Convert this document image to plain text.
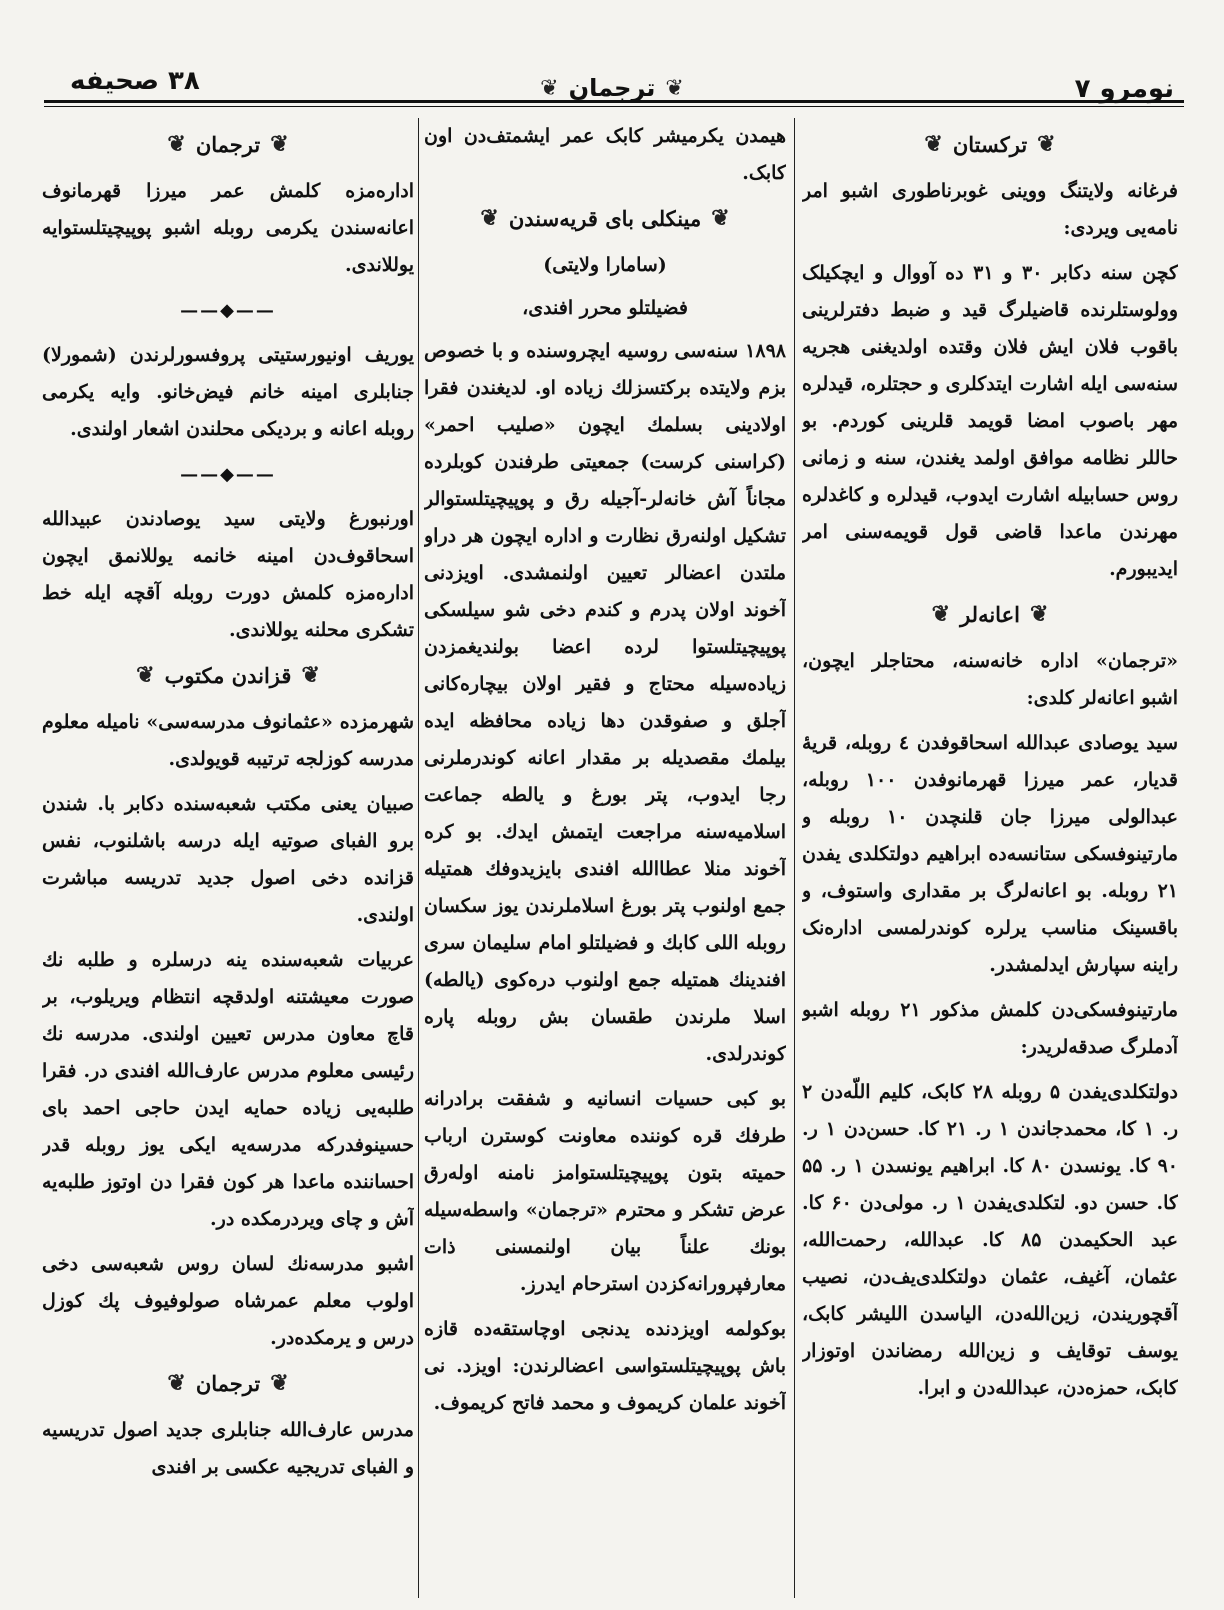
نومرو ۷
❦
ترجمان
❦
۳۸ صحیفه
❦
ترکستان
❦

فرغانه ولایتنگ ووینی غوبرناطوری اشبو امر نامه‌یی ویردی:

کچن سنه دکابر ۳۰ و ۳۱ ده آووال و ایچکیلک وولوستلرنده قاضیلرگ قید و ضبط دفترلرینی باقوب فلان ایش فلان وقتده اولدیغنی هجریه سنه‌سی ایله اشارت ایتدکلری و حجتلره، قیدلره مهر باصوب امضا قویمد قلرینی کوردم. بو حاللر نظامه موافق اولمد یغندن، سنه و زمانی روس حسابیله اشارت ایدوب، قیدلره و کاغدلره مهرندن ماعدا قاضی قول قویمه‌سنی امر ایدیبورم.

❦
اعانه‌لر
❦

«ترجمان» اداره خانه‌سنه، محتاجلر ایچون، اشبو اعانه‌لر کلدی:

سید یوصادی عبدالله اسحاقوفدن ٤ روبله، قریهٔ قدیار، عمر میرزا قهرمانوفدن ۱۰۰ روبله، عبدالولی میرزا جان قلنچدن ۱۰ روبله و مارتینوفسکی ستانسه‌ده ابراهیم دولتکلدی یفدن ۲۱ روبله. بو اعانه‌لرگ بر مقداری واستوف، و باقسینک مناسب یرلره کوندرلمسی اداره‌نک راینه سپارش ایدلمشدر.

مارتینوفسکی‌دن کلمش مذکور ۲۱ روبله اشبو آدملرگ صدقه‌لریدر:

دولتکلدی‌یفدن ۵ روبله ۲۸ کابک، کلیم اللّه‌دن ۲ ر. ۱ کا، محمدجاندن ۱ ر. ۲۱ کا. حسن‌دن ۱ ر. ۹۰ کا. یونسدن ۸۰ کا. ابراهیم یونسدن ۱ ر. ۵۵ کا. حسن دو. لتکلدی‌یفدن ۱ ر. مولی‌دن ۶۰ کا. عبد الحکیمدن ۸۵ کا. عبدالله، رحمت‌الله، عثمان، آغیف، عثمان دولتکلدی‌یف‌دن، نصیب آقچوریندن، زین‌الله‌دن، الیاسدن اللیشر کابک، یوسف توقایف و زین‌الله رمضاندن اوتوزار کابک، حمزه‌دن، عبدالله‌دن و ابرا.

هیمدن یکرمیشر کابک عمر ایشمتف‌دن اون کابک.

❦
مینکلی بای قریه‌سندن
❦
(سامارا ولایتی)
فضیلتلو محرر افندی،

۱۸۹۸ سنه‌سی روسیه ایچروسنده و با خصوص بزم ولایتده برکتسزلك زیاده او. لدیغندن فقرا اولادینی بسلمك ایچون «صلیب احمر» (کراسنی کرست) جمعیتی طرفندن کوبلرده مجاناً آش خانه‌لر-آجیله رق و پوپیچیتلستوالر تشکیل اولنه‌رق نظارت و اداره ایچون هر دراو ملتدن اعضالر تعیین اولنمشدی. اویزدنی آخوند اولان پدرم و کندم دخی شو سیلسکی پوپیچیتلستوا لرده اعضا بولندیغمزدن زیاده‌سیله محتاج و فقیر اولان بیچاره‌کانی آجلق و صفوقدن دها زیاده محافظه ایده بیلمك مقصدیله بر مقدار اعانه کوندرملرنی رجا ایدوب، پتر بورغ و یالطه جماعت اسلامیه‌سنه مراجعت ایتمش ایدك. بو کره آخوند منلا عطاالله افندی بایزیدوفك همتیله جمع اولنوب پتر بورغ اسلاملرندن یوز سکسان روبله اللی کابك و فضیلتلو امام سلیمان سری افندینك همتیله جمع اولنوب دره‌کوی (یالطه) اسلا ملرندن طقسان بش روبله پاره کوندرلدی.

بو کبی حسیات انسانیه و شفقت برادرانه طرفك قره کوننده معاونت کوسترن ارباب حمیته بتون پوپیچیتلستوامز نامنه اوله‌رق عرض تشکر و محترم «ترجمان» واسطه‌سیله بونك علناً بیان اولنمسنی ذات معارفپرورانه‌کزدن استرحام ایدرز.

بوکولمه اویزدنده یدنجی اوچاستقه‌ده قازه باش پوپیچیتلستواسی اعضالرندن: اویزد. نی آخوند علمان کریموف و محمد فاتح کریموف.

❦
ترجمان
❦

اداره‌مزه کلمش عمر میرزا قهرمانوف اعانه‌سندن یکرمی روبله اشبو پوپیچیتلستوایه یوللاندی.

——◆——

یوریف اونیورستیتی پروفسورلرندن (شمورلا) جنابلری امینه خانم فیض‌خانو. وایه یکرمی روبله اعانه و بردیکی محلندن اشعار اولندی.

——◆——

اورنبورغ ولایتی سید یوصادندن عبیدالله اسحاقوف‌دن امینه خانمه یوللانمق ایچون اداره‌مزه کلمش دورت روبله آقچه ایله خط تشکری محلنه یوللاندی.

❦
قزاندن مکتوب
❦

شهرمزده «عثمانوف مدرسه‌سی» نامیله معلوم مدرسه کوزلجه ترتیبه قویولدی.

صبیان یعنی مکتب شعبه‌سنده دکابر با. شندن برو الفبای صوتیه ایله درسه باشلنوب، نفس قزانده دخی اصول جدید تدریسه مباشرت اولندی.

عربیات شعبه‌سنده ینه درسلره و طلبه نك صورت معیشتنه اولدقچه انتظام ویریلوب، بر قاچ معاون مدرس تعیین اولندی. مدرسه نك رئیسی معلوم مدرس عارف‌الله افندی در. فقرا طلبه‌یی زیاده حمایه ایدن حاجی احمد بای حسینوفدرکه مدرسه‌یه ایکی یوز روبله قدر احساننده ماعدا هر کون فقرا دن اوتوز طلبه‌یه آش و چای ویردرمکده در.

اشبو مدرسه‌نك لسان روس شعبه‌سی دخی اولوب معلم عمرشاه صولوفیوف پك کوزل درس و یرمکده‌در.

❦
ترجمان
❦

مدرس عارف‌الله جنابلری جدید اصول تدریسیه و الفبای تدریجیه عکسی بر افندی
